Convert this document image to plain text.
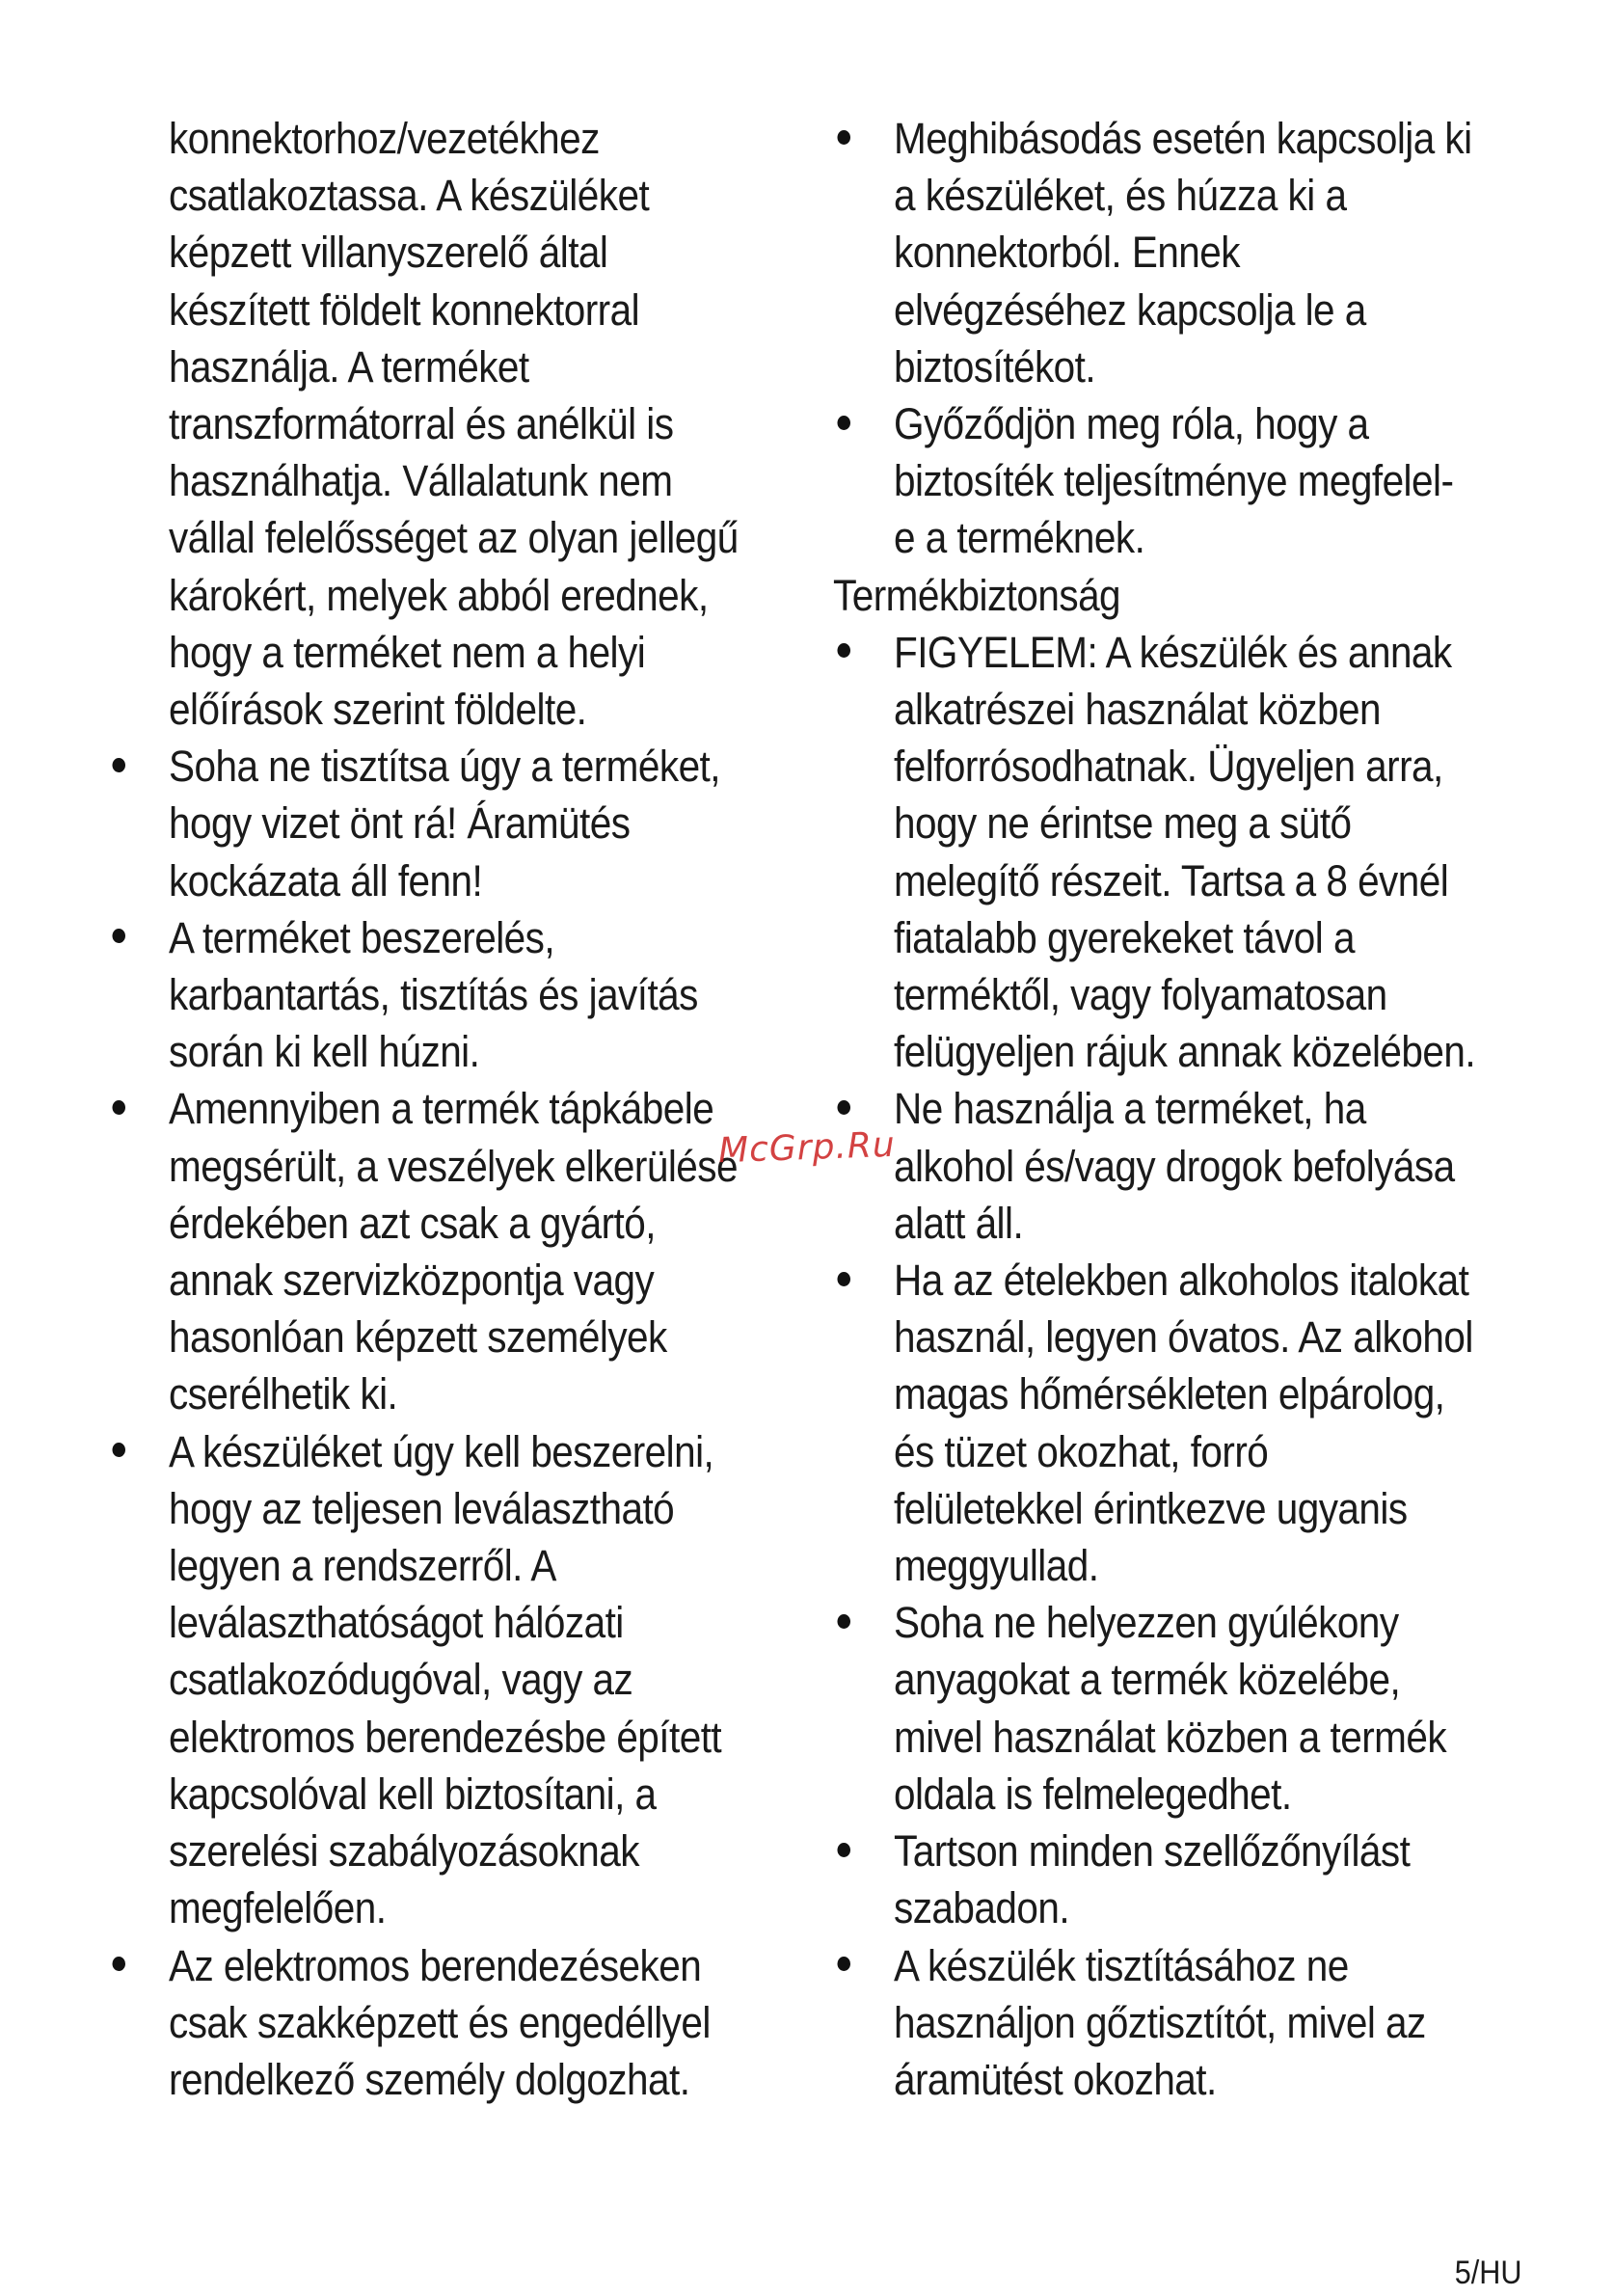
konnektorhoz/vezetékhez
csatlakoztassa. A készüléket
képzett villanyszerelő által
készített földelt konnektorral
használja. A terméket
transzformátorral és anélkül is
használhatja. Vállalatunk nem
vállal felelősséget az olyan jellegű
károkért, melyek abból erednek,
hogy a terméket nem a helyi
előírások szerint földelte.
Soha ne tisztítsa úgy a terméket,
hogy vizet önt rá! Áramütés
kockázata áll fenn!
A terméket beszerelés,
karbantartás, tisztítás és javítás
során ki kell húzni.
Amennyiben a termék tápkábele
megsérült, a veszélyek elkerülése
érdekében azt csak a gyártó,
annak szervizközpontja vagy
hasonlóan képzett személyek
cserélhetik ki.
A készüléket úgy kell beszerelni,
hogy az teljesen leválasztható
legyen a rendszerről. A
leválaszthatóságot hálózati
csatlakozódugóval, vagy az
elektromos berendezésbe épített
kapcsolóval kell biztosítani, a
szerelési szabályozásoknak
megfelelően.
Az elektromos berendezéseken
csak szakképzett és engedéllyel
rendelkező személy dolgozhat.
Meghibásodás esetén kapcsolja ki
a készüléket, és húzza ki a
konnektorból. Ennek
elvégzéséhez kapcsolja le a
biztosítékot.
Győződjön meg róla, hogy a
biztosíték teljesítménye megfelel-
e a terméknek.
Termékbiztonság
FIGYELEM: A készülék és annak
alkatrészei használat közben
felforrósodhatnak. Ügyeljen arra,
hogy ne érintse meg a sütő
melegítő részeit. Tartsa a 8 évnél
fiatalabb gyerekeket távol a
terméktől, vagy folyamatosan
felügyeljen rájuk annak közelében.
Ne használja a terméket, ha
alkohol és/vagy drogok befolyása
alatt áll.
Ha az ételekben alkoholos italokat
használ, legyen óvatos. Az alkohol
magas hőmérsékleten elpárolog,
és tüzet okozhat, forró
felületekkel érintkezve ugyanis
meggyullad.
Soha ne helyezzen gyúlékony
anyagokat a termék közelébe,
mivel használat közben a termék
oldala is felmelegedhet.
Tartson minden szellőzőnyílást
szabadon.
A készülék tisztításához ne
használjon gőztisztítót, mivel az
áramütést okozhat.
McGrp.Ru
5/HU
